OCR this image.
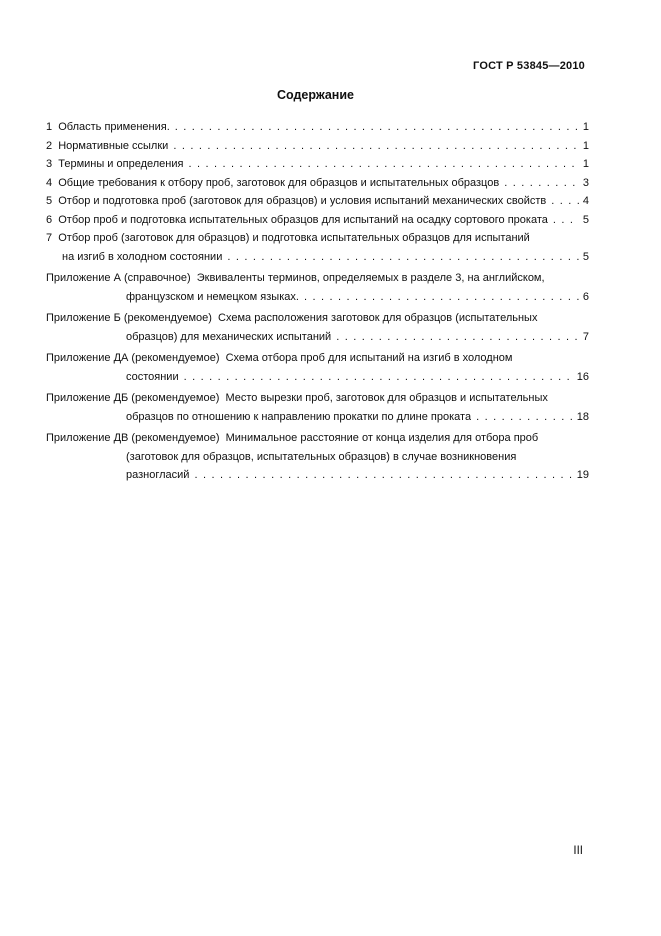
ГОСТ Р 53845—2010
Содержание
1  Область применения. . . .	1
2  Нормативные ссылки . . .	1
3  Термины и определения . . .	1
4  Общие требования к отбору проб, заготовок для образцов и испытательных образцов . . .	3
5  Отбор и подготовка проб (заготовок для образцов) и условия испытаний механических свойств . . .	4
6  Отбор проб и подготовка испытательных образцов для испытаний на осадку сортового проката . . .	5
7  Отбор проб (заготовок для образцов) и подготовка испытательных образцов для испытаний
на изгиб в холодном состоянии . . .	5
Приложение А (справочное)  Эквиваленты терминов, определяемых в разделе 3, на английском,
французском и немецком языках. . . .	6
Приложение Б (рекомендуемое)  Схема расположения заготовок для образцов (испытательных
образцов) для механических испытаний . . .	7
Приложение ДА (рекомендуемое)  Схема отбора проб для испытаний на изгиб в холодном
состоянии . . .	16
Приложение ДБ (рекомендуемое)  Место вырезки проб, заготовок для образцов и испытательных
образцов по отношению к направлению прокатки по длине проката . . .	18
Приложение ДВ (рекомендуемое)  Минимальное расстояние от конца изделия для отбора проб
(заготовок для образцов, испытательных образцов) в случае возникновения
разногласий . . .	19
III
